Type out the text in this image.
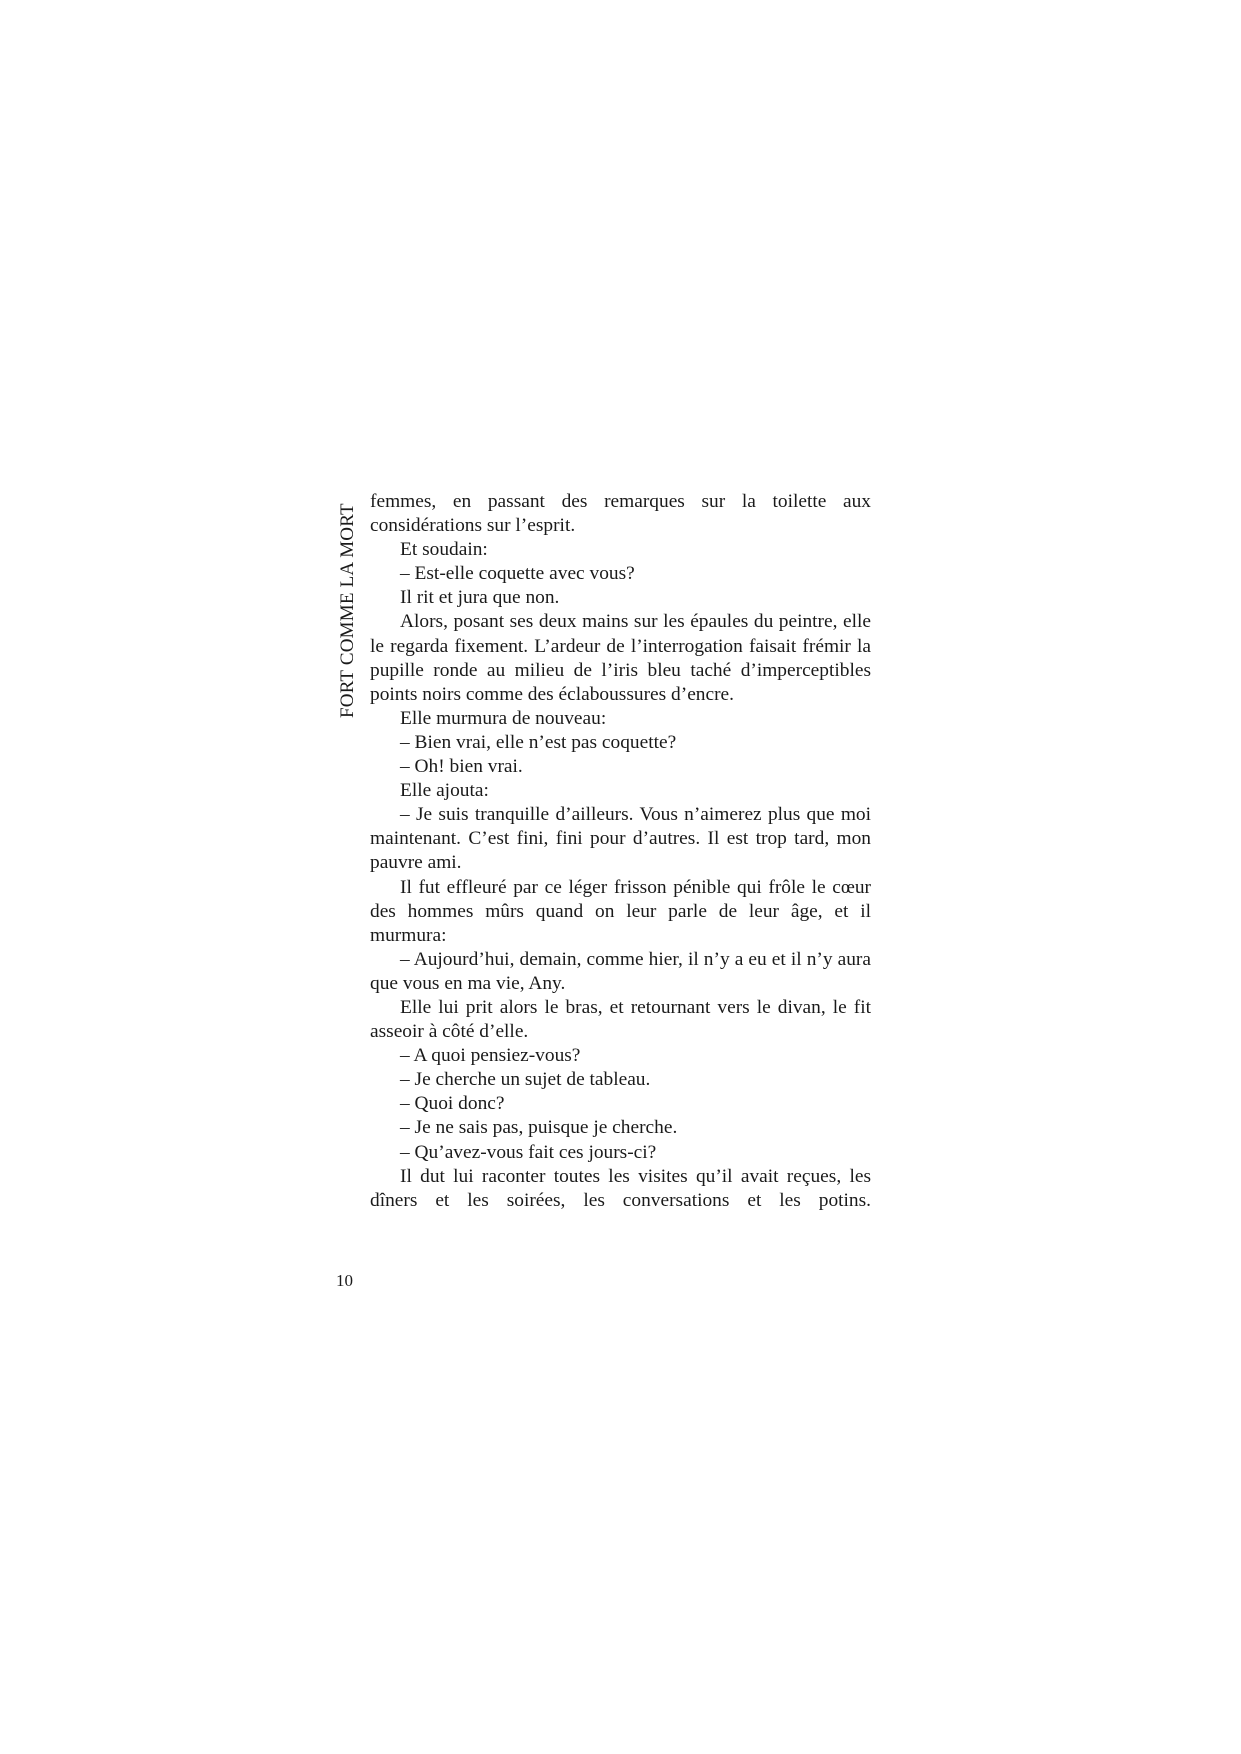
FORT COMME LA MORT

femmes, en passant des remarques sur la toilette aux considérations sur l’esprit.

Et soudain:

– Est-elle coquette avec vous?

Il rit et jura que non.

Alors, posant ses deux mains sur les épaules du peintre, elle le regarda fixement. L’ardeur de l’interrogation faisait frémir la pupille ronde au milieu de l’iris bleu taché d’imperceptibles points noirs comme des éclaboussures d’encre.

Elle murmura de nouveau:

– Bien vrai, elle n’est pas coquette?

– Oh! bien vrai.

Elle ajouta:

– Je suis tranquille d’ailleurs. Vous n’aimerez plus que moi maintenant. C’est fini, fini pour d’autres. Il est trop tard, mon pauvre ami.

Il fut effleuré par ce léger frisson pénible qui frôle le cœur des hommes mûrs quand on leur parle de leur âge, et il murmura:

– Aujourd’hui, demain, comme hier, il n’y a eu et il n’y aura que vous en ma vie, Any.

Elle lui prit alors le bras, et retournant vers le divan, le fit asseoir à côté d’elle.

– A quoi pensiez-vous?

– Je cherche un sujet de tableau.

– Quoi donc?

– Je ne sais pas, puisque je cherche.

– Qu’avez-vous fait ces jours-ci?

Il dut lui raconter toutes les visites qu’il avait reçues, les dîners et les soirées, les conversations et les potins.

10
